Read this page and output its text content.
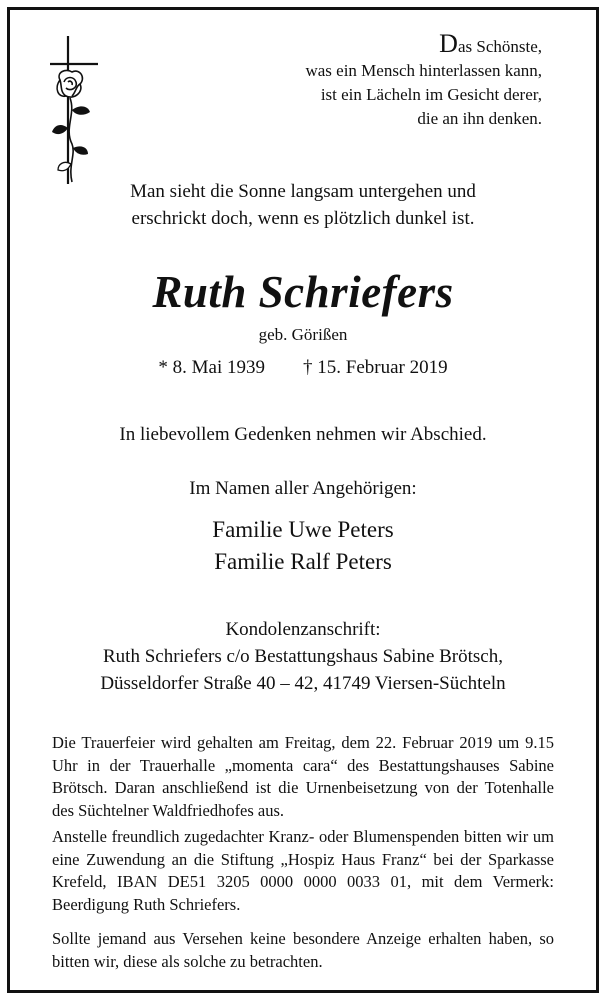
Das Schönste,
was ein Mensch hinterlassen kann,
ist ein Lächeln im Gesicht derer,
die an ihn denken.
Man sieht die Sonne langsam untergehen und
erschrickt doch, wenn es plötzlich dunkel ist.
Ruth Schriefers
geb. Görißen
* 8. Mai 1939 † 15. Februar 2019
In liebevollem Gedenken nehmen wir Abschied.
Im Namen aller Angehörigen:
Familie Uwe Peters
Familie Ralf Peters
Kondolenzanschrift:
Ruth Schriefers c/o Bestattungshaus Sabine Brötsch,
Düsseldorfer Straße 40 – 42, 41749 Viersen-Süchteln
Die Trauerfeier wird gehalten am Freitag, dem 22. Februar 2019 um 9.15 Uhr in der Trauerhalle „momenta cara“ des Bestattungshauses Sabine Brötsch. Daran anschließend ist die Urnenbeisetzung von der Totenhalle des Süchtelner Waldfriedhofes aus.
Anstelle freundlich zugedachter Kranz- oder Blumenspenden bitten wir um eine Zuwendung an die Stiftung „Hospiz Haus Franz“ bei der Sparkasse Krefeld, IBAN DE51 3205 0000 0000 0033 01, mit dem Vermerk: Beerdigung Ruth Schriefers.
Sollte jemand aus Versehen keine besondere Anzeige erhalten haben, so bitten wir, diese als solche zu betrachten.
